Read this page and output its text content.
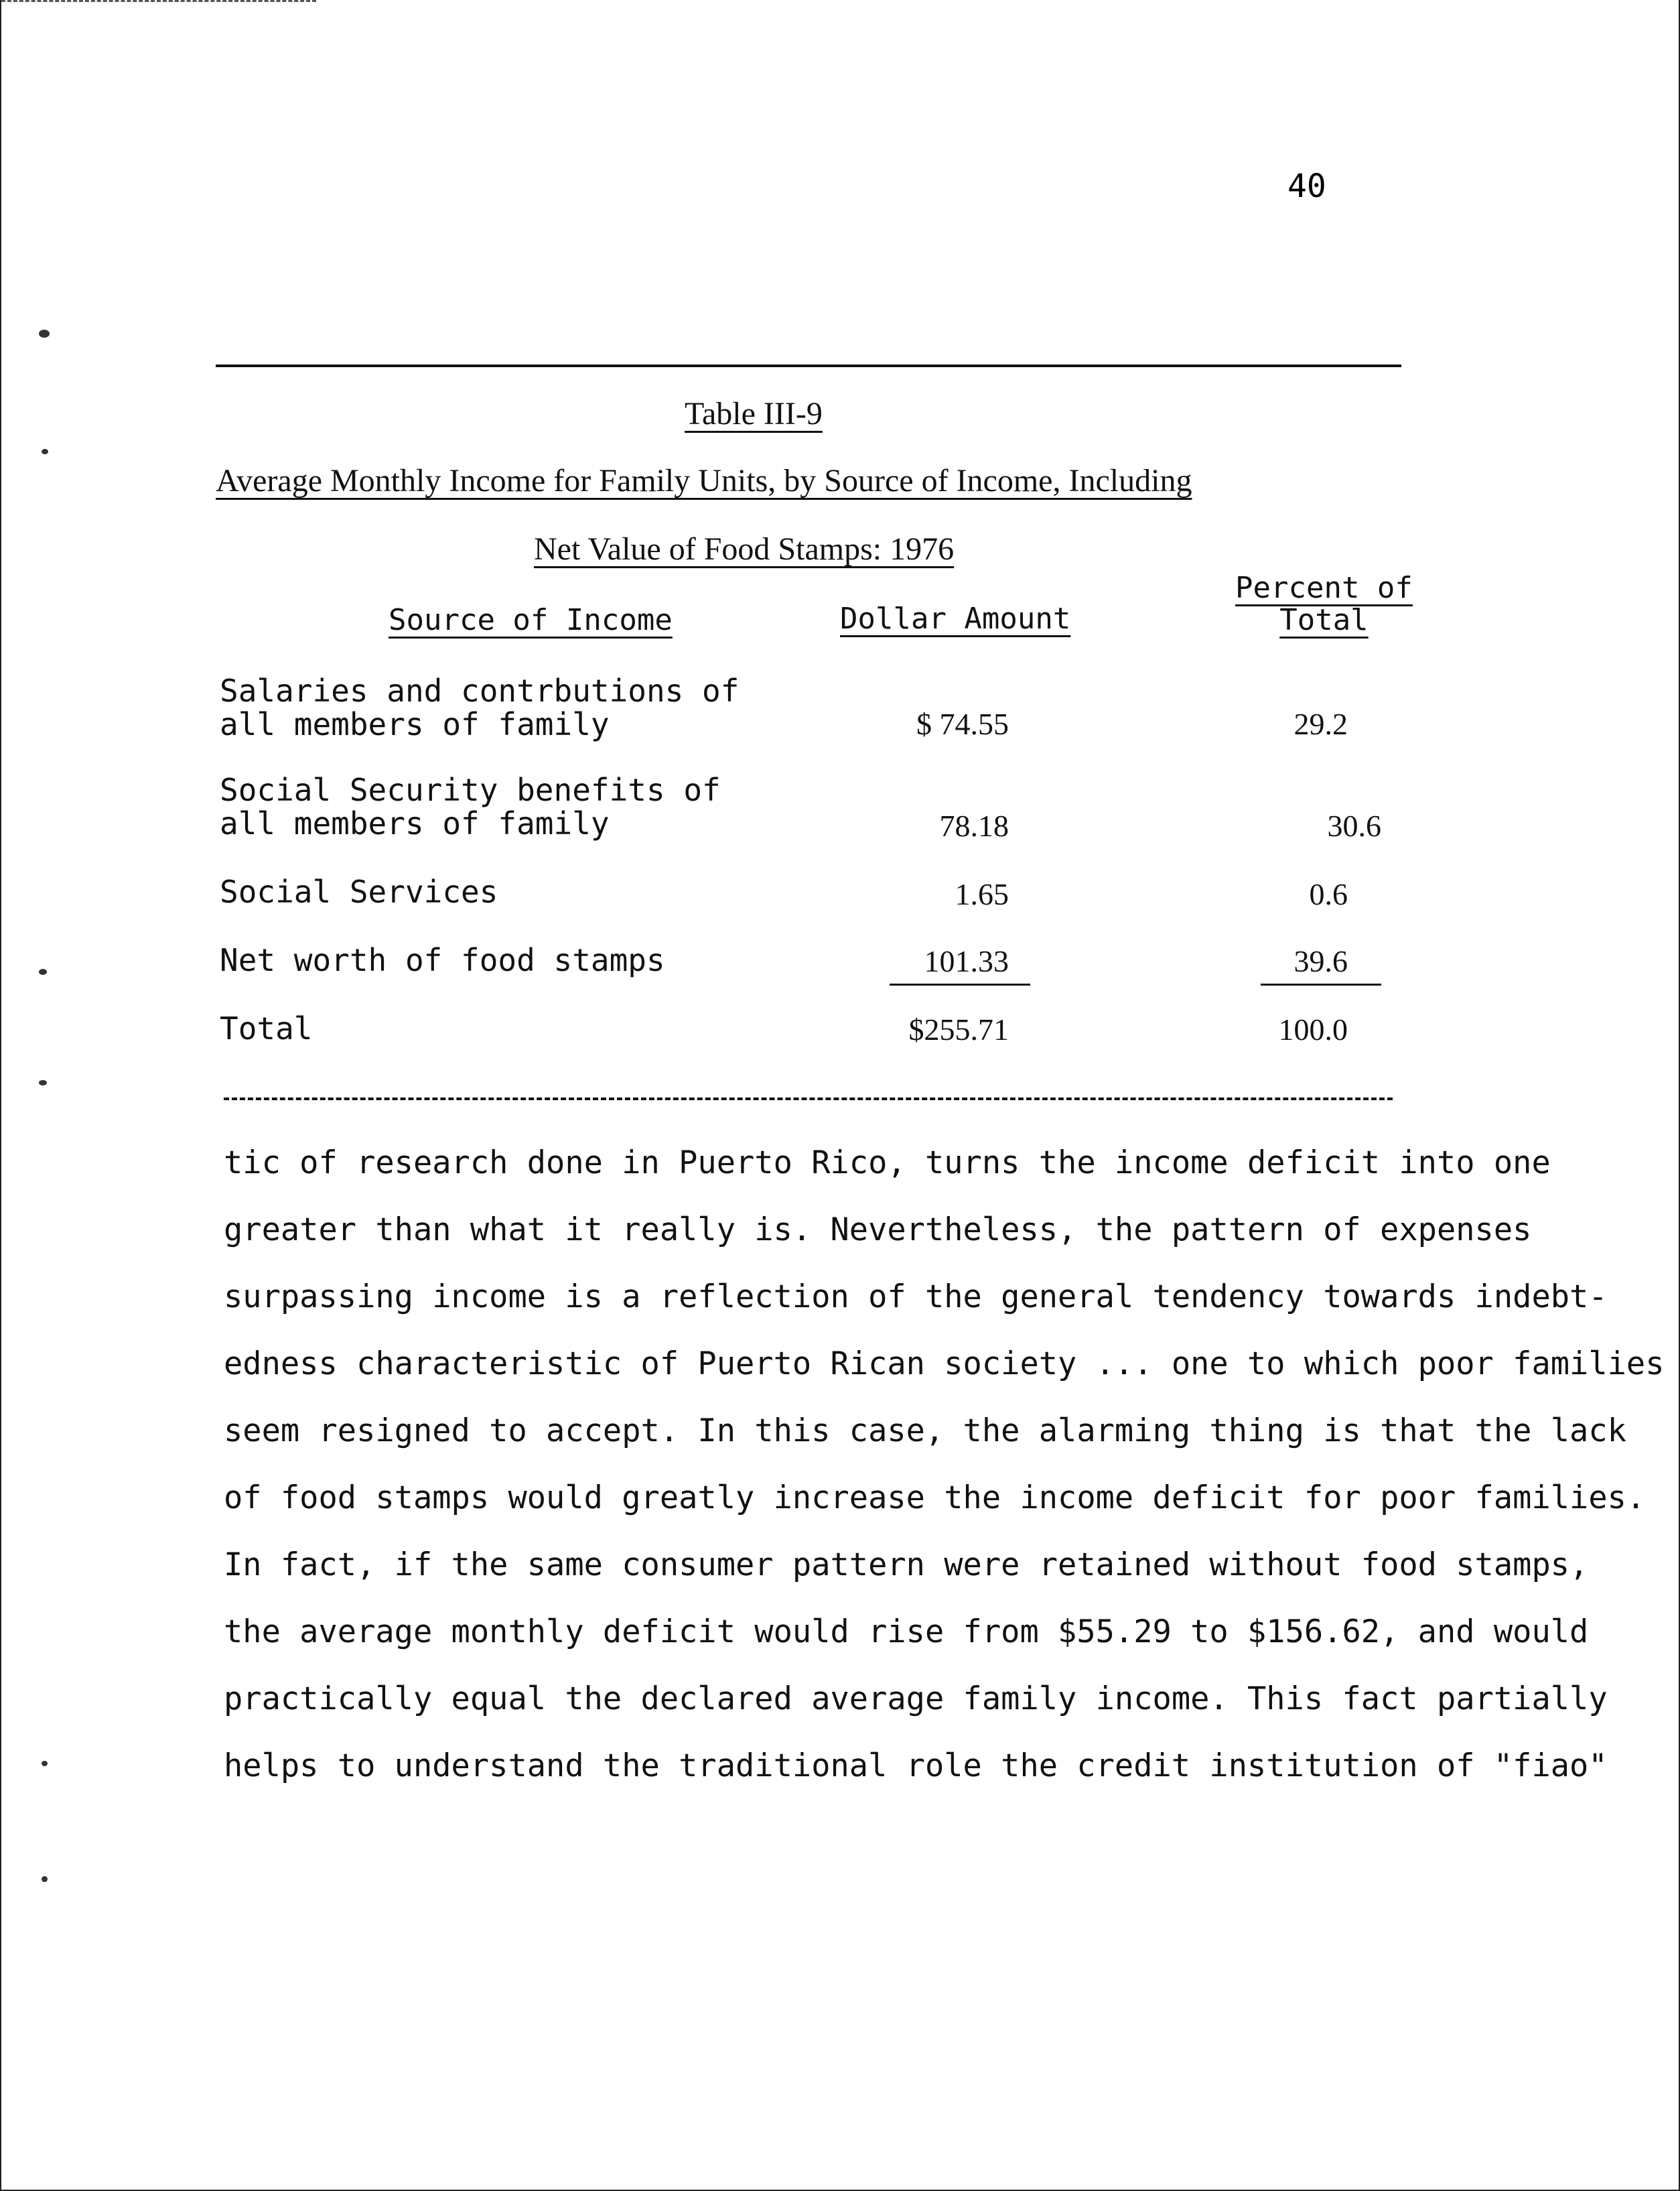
40
Table III-9
Average Monthly Income for Family Units, by Source of Income, Including
Net Value of Food Stamps: 1976
Source of Income	Dollar Amount
Percent of
Total
Salaries and contrbutions of
all members of family	$ 74.55	29.2
Social Security benefits of
all members of family	78.18	30.6
Social Services	1.65	0.6
Net worth of food stamps	101.33	39.6
Total	$255.71	100.0
tic of research done in Puerto Rico, turns the income deficit into one
greater than what it really is. Nevertheless, the pattern of expenses
surpassing income is a reflection of the general tendency towards indebt-
edness characteristic of Puerto Rican society ... one to which poor families
seem resigned to accept. In this case, the alarming thing is that the lack
of food stamps would greatly increase the income deficit for poor families.
In fact, if the same consumer pattern were retained without food stamps,
the average monthly deficit would rise from $55.29 to $156.62, and would
practically equal the declared average family income. This fact partially
helps to understand the traditional role the credit institution of "fiao"
